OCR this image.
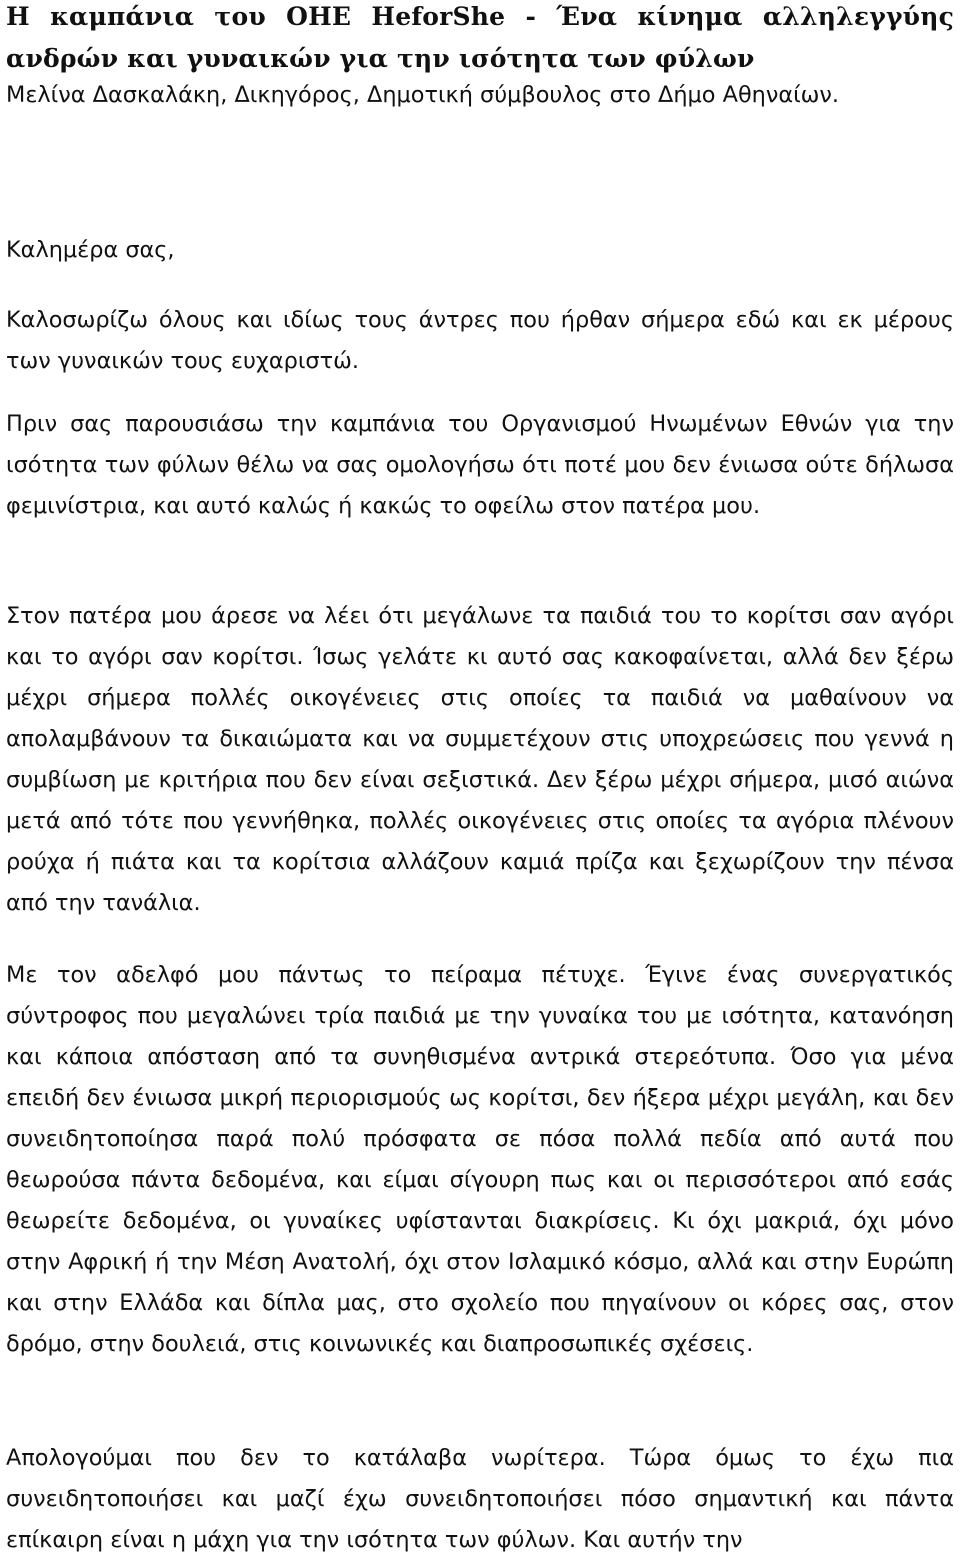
Η καμπάνια του ΟΗΕ HeforShe - Ένα κίνημα αλληλεγγύης ανδρών και γυναικών για την ισότητα των φύλων

Μελίνα Δασκαλάκη, Δικηγόρος, Δημοτική σύμβουλος στο Δήμο Αθηναίων.

Καλημέρα σας,

Καλοσωρίζω όλους και ιδίως τους άντρες που ήρθαν σήμερα εδώ και εκ μέρους των γυναικών τους ευχαριστώ.

Πριν σας παρουσιάσω την καμπάνια του Οργανισμού Ηνωμένων Εθνών για την ισότητα των φύλων θέλω να σας ομολογήσω ότι ποτέ μου δεν ένιωσα ούτε δήλωσα φεμινίστρια, και αυτό καλώς ή κακώς το οφείλω στον πατέρα μου.

Στον πατέρα μου άρεσε να λέει ότι μεγάλωνε τα παιδιά του το κορίτσι σαν αγόρι και το αγόρι σαν κορίτσι. Ίσως γελάτε κι αυτό σας κακοφαίνεται, αλλά δεν ξέρω μέχρι σήμερα πολλές οικογένειες στις οποίες τα παιδιά να μαθαίνουν να απολαμβάνουν τα δικαιώματα και να συμμετέχουν στις υποχρεώσεις που γεννά η συμβίωση με κριτήρια που δεν είναι σεξιστικά. Δεν ξέρω μέχρι σήμερα, μισό αιώνα μετά από τότε που γεννήθηκα, πολλές οικογένειες στις οποίες τα αγόρια πλένουν ρούχα ή πιάτα και τα κορίτσια αλλάζουν καμιά πρίζα και ξεχωρίζουν την πένσα από την τανάλια.

Με τον αδελφό μου πάντως το πείραμα πέτυχε. Έγινε ένας συνεργατικός σύντροφος που μεγαλώνει τρία παιδιά με την γυναίκα του με ισότητα, κατανόηση και κάποια απόσταση από τα συνηθισμένα αντρικά στερεότυπα. Όσο για μένα επειδή δεν ένιωσα μικρή περιορισμούς ως κορίτσι, δεν ήξερα μέχρι μεγάλη, και δεν συνειδητοποίησα παρά πολύ πρόσφατα σε πόσα πολλά πεδία από αυτά που θεωρούσα πάντα δεδομένα, και είμαι σίγουρη πως και οι περισσότεροι από εσάς θεωρείτε δεδομένα, οι γυναίκες υφίστανται διακρίσεις. Κι όχι μακριά, όχι μόνο στην Αφρική ή την Μέση Ανατολή, όχι στον Ισλαμικό κόσμο, αλλά και στην Ευρώπη και στην Ελλάδα και δίπλα μας, στο σχολείο που πηγαίνουν οι κόρες σας, στον δρόμο, στην δουλειά, στις κοινωνικές και διαπροσωπικές σχέσεις.

Απολογούμαι που δεν το κατάλαβα νωρίτερα. Τώρα όμως το έχω πια συνειδητοποιήσει και μαζί έχω συνειδητοποιήσει πόσο σημαντική και πάντα επίκαιρη είναι η μάχη για την ισότητα των φύλων. Και αυτήν την
